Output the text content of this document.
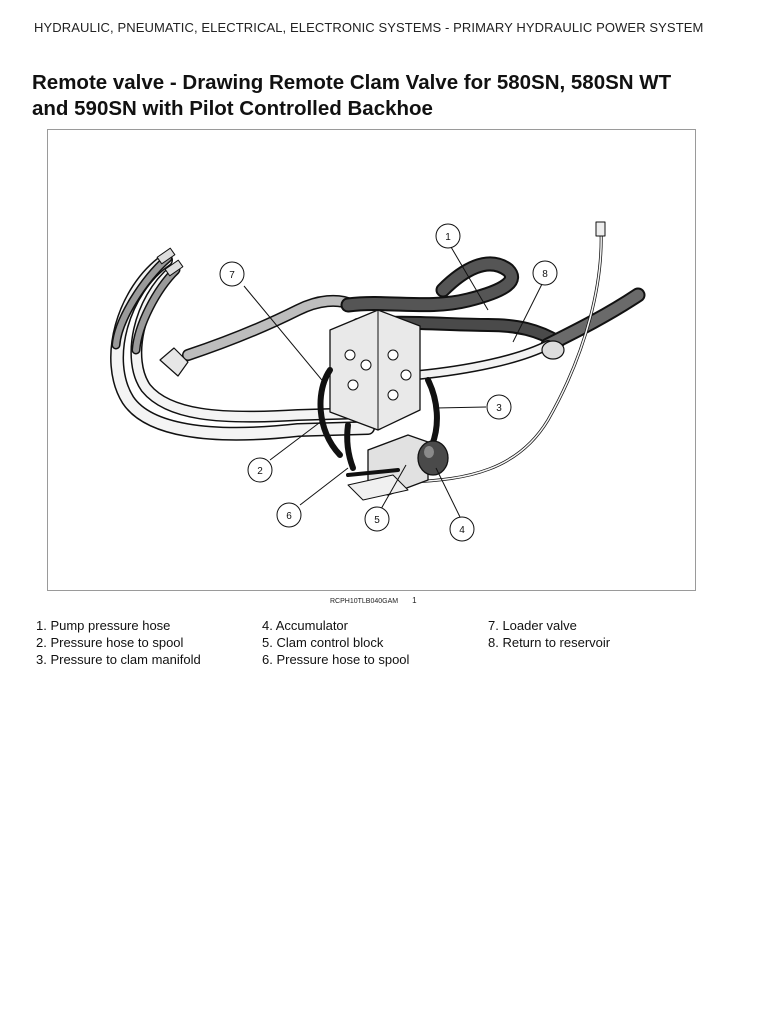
HYDRAULIC, PNEUMATIC, ELECTRICAL, ELECTRONIC SYSTEMS - PRIMARY HYDRAULIC POWER SYSTEM
Remote valve - Drawing Remote Clam Valve for 580SN, 580SN WT
and 590SN with Pilot Controlled Backhoe
1
2
3
4
5
6
7	8
RCPH10TLB040GAM 1
1. Pump pressure hose
2. Pressure hose to spool
3. Pressure to clam manifold
4. Accumulator
5. Clam control block
6. Pressure hose to spool
7. Loader valve
8. Return to reservoir
